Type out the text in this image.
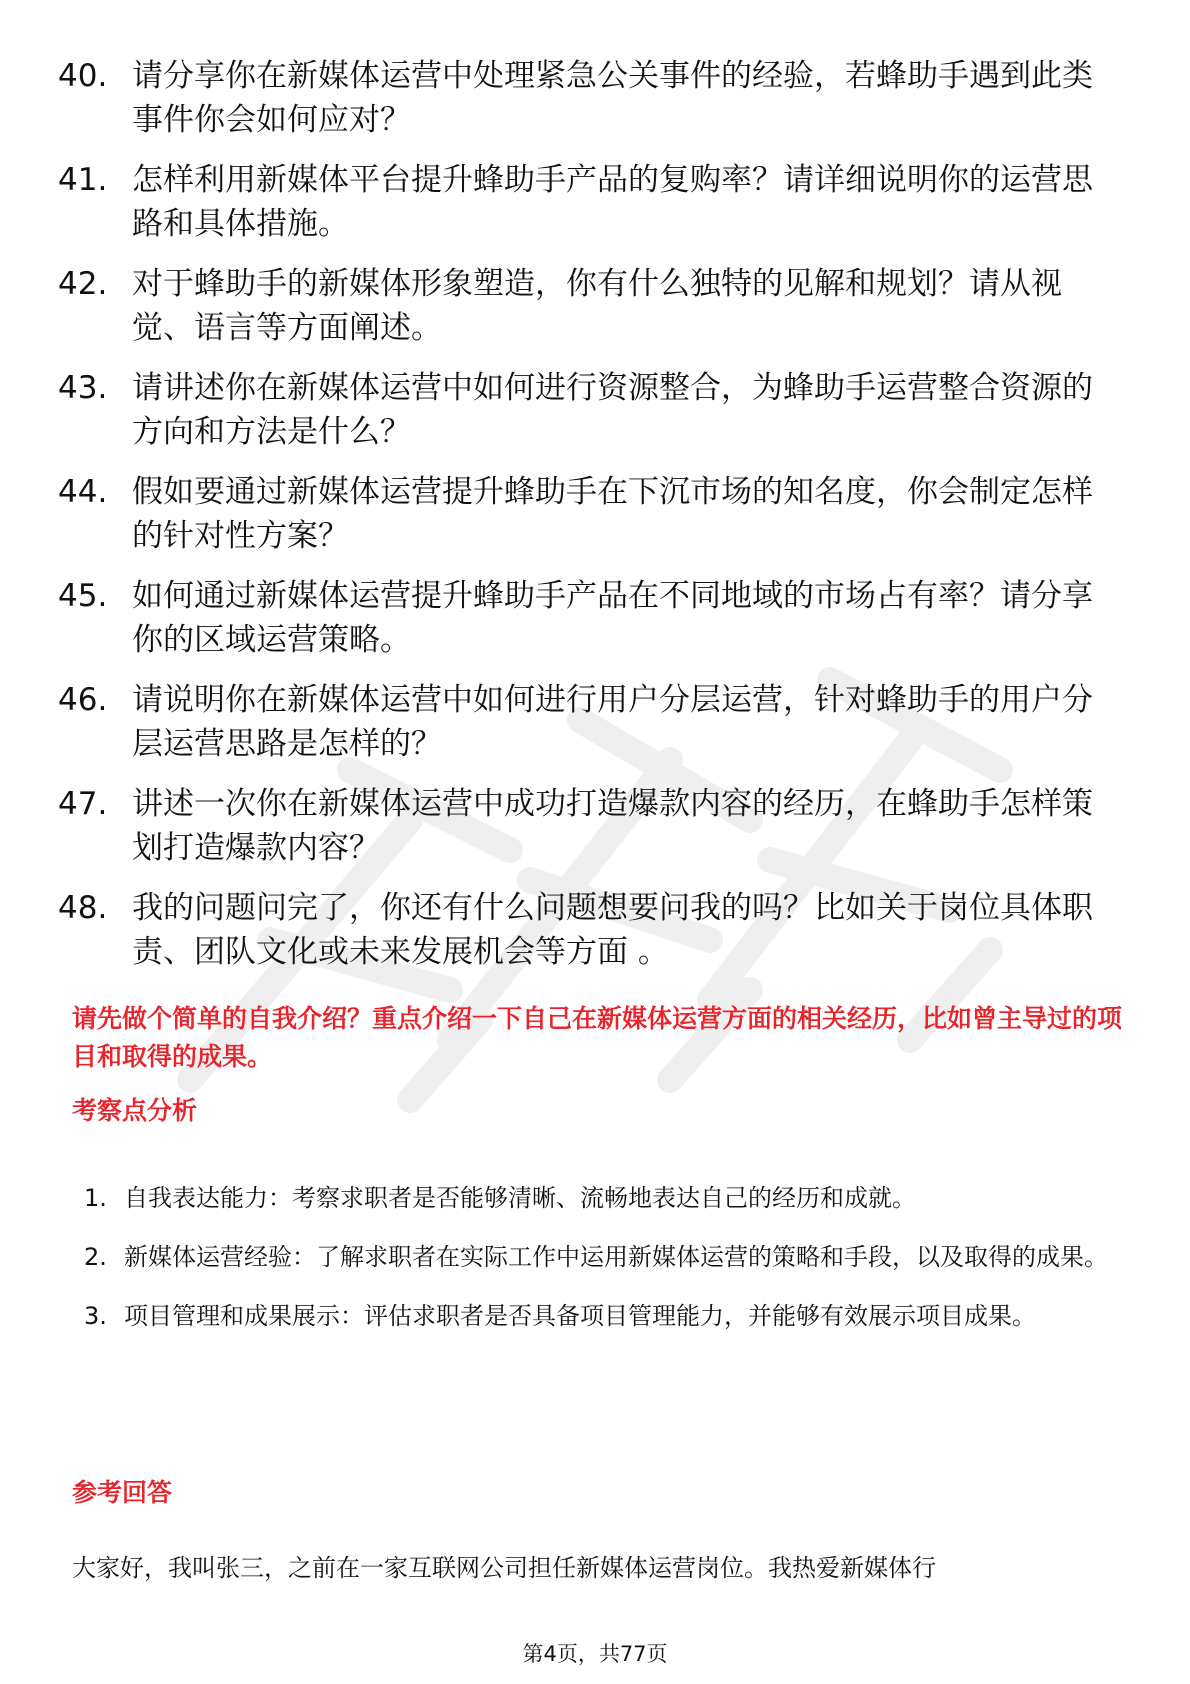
40. 请分享你在新媒体运营中处理紧急公关事件的经验，若蜂助手遇到此类事件你会如何应对？
41. 怎样利用新媒体平台提升蜂助手产品的复购率？请详细说明你的运营思路和具体措施。
42. 对于蜂助手的新媒体形象塑造，你有什么独特的见解和规划？请从视觉、语言等方面阐述。
43. 请讲述你在新媒体运营中如何进行资源整合，为蜂助手运营整合资源的方向和方法是什么？
44. 假如要通过新媒体运营提升蜂助手在下沉市场的知名度，你会制定怎样的针对性方案？
45. 如何通过新媒体运营提升蜂助手产品在不同地域的市场占有率？请分享你的区域运营策略。
46. 请说明你在新媒体运营中如何进行用户分层运营，针对蜂助手的用户分层运营思路是怎样的？
47. 讲述一次你在新媒体运营中成功打造爆款内容的经历，在蜂助手怎样策划打造爆款内容？
48. 我的问题问完了，你还有什么问题想要问我的吗？比如关于岗位具体职责、团队文化或未来发展机会等方面 。

请先做个简单的自我介绍？重点介绍一下自己在新媒体运营方面的相关经历，比如曾主导过的项目和取得的成果。

考察点分析
1. 自我表达能力：考察求职者是否能够清晰、流畅地表达自己的经历和成就。
2. 新媒体运营经验：了解求职者在实际工作中运用新媒体运营的策略和手段，以及取得的成果。
3. 项目管理和成果展示：评估求职者是否具备项目管理能力，并能够有效展示项目成果。
参考回答

大家好，我叫张三，之前在一家互联网公司担任新媒体运营岗位。我热爱新媒体行

第4页，共77页
